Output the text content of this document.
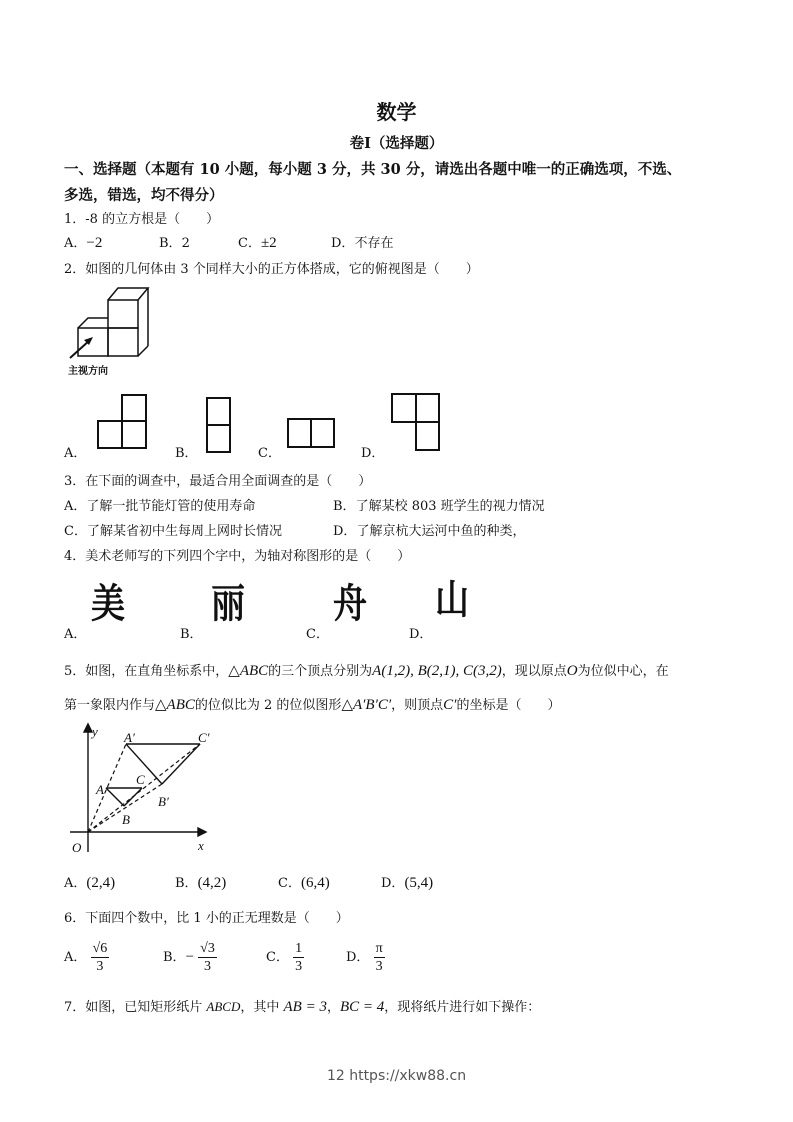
数学
卷Ⅰ（选择题）
一、选择题（本题有 10 小题，每小题 3 分，共 30 分，请选出各题中唯一的正确选项，不选、
多选，错选，均不得分）
1．-8 的立方根是（　　）
A．−2	B．2	C．±2	D．不存在
2．如图的几何体由 3 个同样大小的正方体搭成，它的俯视图是（　　）
主视方向
A．	B．	C．	D．
3．在下面的调查中，最适合用全面调查的是（　　）
A．了解一批节能灯管的使用寿命	B．了解某校 803 班学生的视力情况
C．了解某省初中生每周上网时长情况	D．了解京杭大运河中鱼的种类，
4．美术老师写的下列四个字中，为轴对称图形的是（　　）
A．
美
B．
丽
C．
舟
D．
山
5．如图，在直角坐标系中，△ABC的三个顶点分别为A(1,2), B(2,1), C(3,2)，现以原点O为位似中心，在
第一象限内作与△ABC的位似比为 2 的位似图形△A′B′C′，则顶点C′的坐标是（　　）
y
x
O
A
B
C
A′
B′
C′
A．(2,4)	B．(4,2)	C．(6,4)	D．(5,4)
6．下面四个数中，比 1 小的正无理数是（　　）
A． $\frac{√6}{3}$	B．− $\frac{√3}{3}$	C． $\frac{1}{3}$	D． $\frac{\pi}{3}$
7．如图，已知矩形纸片 ABCD，其中 AB = 3，BC = 4，现将纸片进行如下操作：
12 https://xkw88.cn
